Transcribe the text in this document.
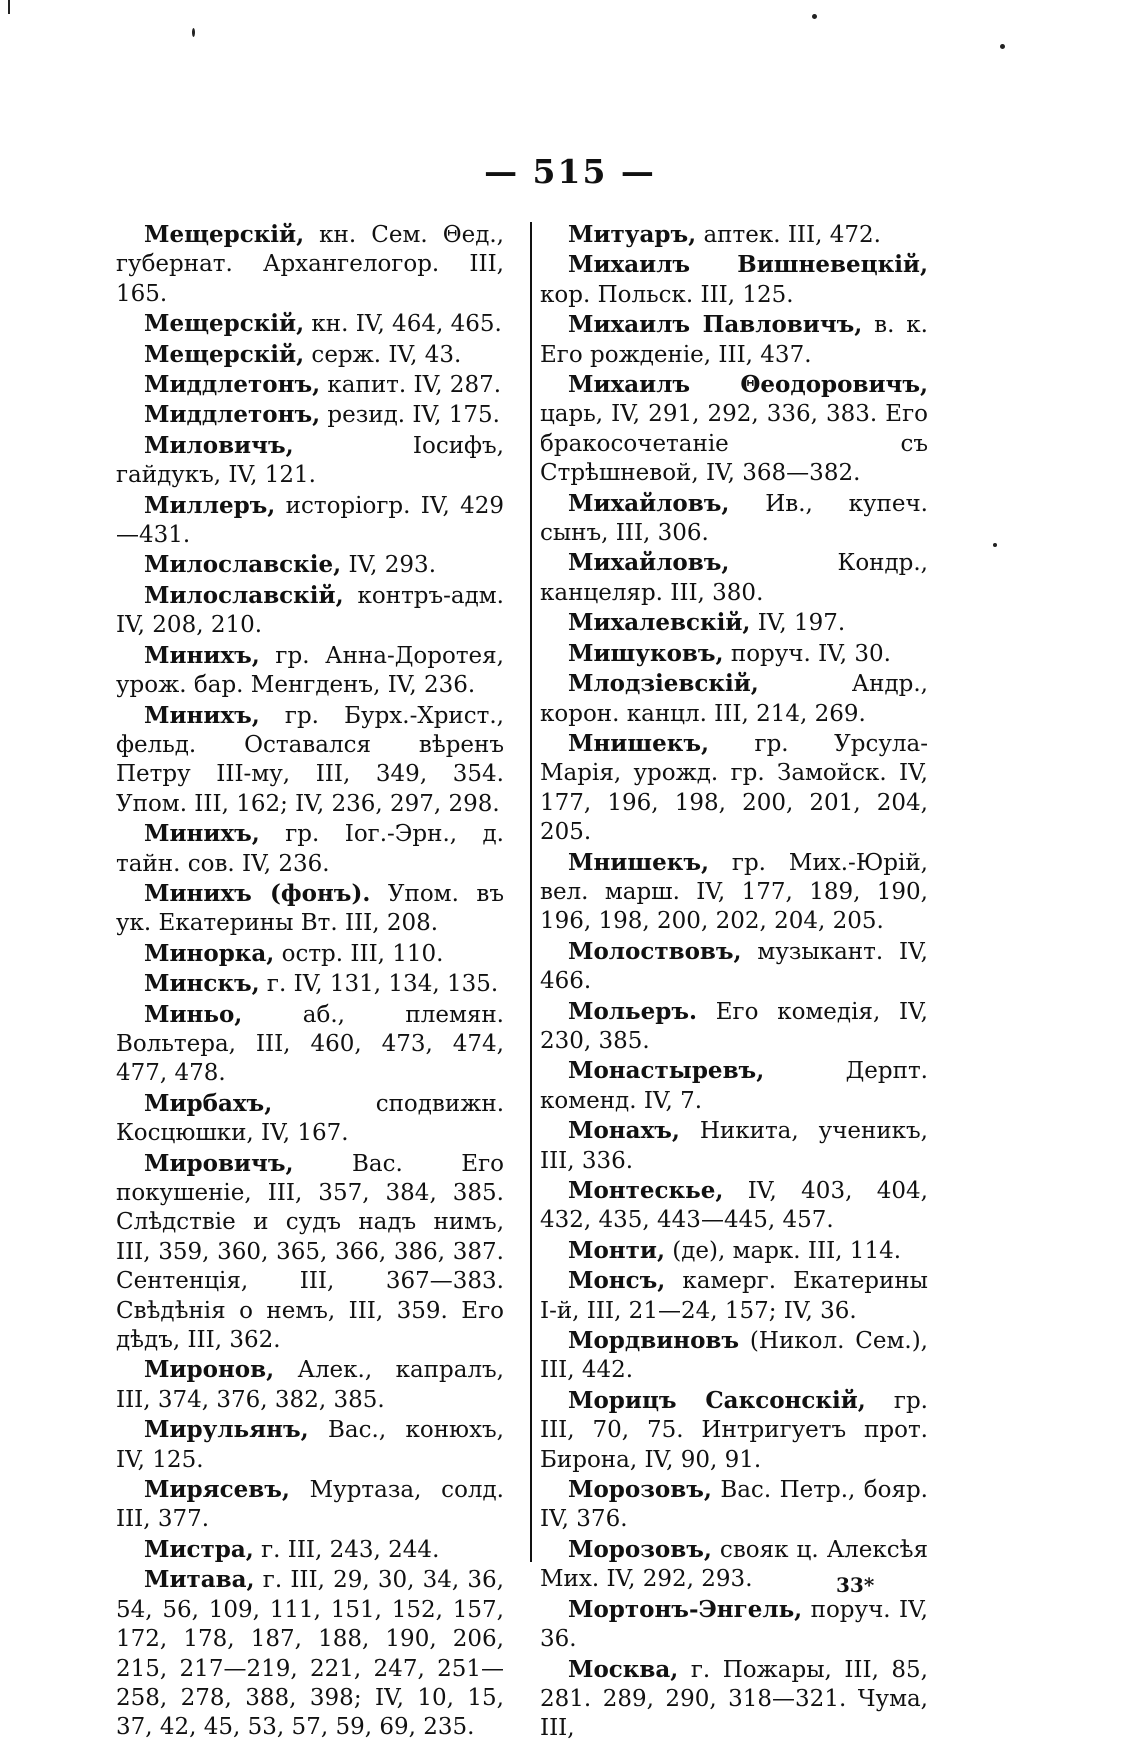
— 515 —

Мещерскій, кн. Сем. Θед., губернат. Архангелогор. III, 165.

Мещерскій, кн. IV, 464, 465.

Мещерскій, серж. IV, 43.

Миддлетонъ, капит. IV, 287.

Миддлетонъ, резид. IV, 175.

Миловичъ, Іосифъ, гайдукъ, IV, 121.

Миллеръ, исторіогр. IV, 429—431.

Милославскіе, IV, 293.

Милославскій, контръ-адм. IV, 208, 210.

Минихъ, гр. Анна-Доротея, урож. бар. Менгденъ, IV, 236.

Минихъ, гр. Бурх.-Христ., фельд. Оставался вѣренъ Петру III-му, III, 349, 354. Упом. III, 162; IV, 236, 297, 298.

Минихъ, гр. Іог.-Эрн., д. тайн. сов. IV, 236.

Минихъ (фонъ). Упом. въ ук. Екатерины Вт. III, 208.

Минорка, остр. III, 110.

Минскъ, г. IV, 131, 134, 135.

Миньо, аб., племян. Вольтера, III, 460, 473, 474, 477, 478.

Мирбахъ, сподвижн. Косцюшки, IV, 167.

Мировичъ, Вас. Его покушеніе, III, 357, 384, 385. Слѣдствіе и судъ надъ нимъ, III, 359, 360, 365, 366, 386, 387. Сентенція, III, 367—383. Свѣдѣнія о немъ, III, 359. Его дѣдъ, III, 362.

Миронов, Алек., капралъ, III, 374, 376, 382, 385.

Мирульянъ, Вас., конюхъ, IV, 125.

Мирясевъ, Муртаза, солд. III, 377.

Мистра, г. III, 243, 244.

Митава, г. III, 29, 30, 34, 36, 54, 56, 109, 111, 151, 152, 157, 172, 178, 187, 188, 190, 206, 215, 217—219, 221, 247, 251—258, 278, 388, 398; IV, 10, 15, 37, 42, 45, 53, 57, 59, 69, 235.

Митуаръ, аптек. III, 472.

Михаилъ Вишневецкій, кор. Польск. III, 125.

Михаилъ Павловичъ, в. к. Его рожденіе, III, 437.

Михаилъ Θеодоровичъ, царь, IV, 291, 292, 336, 383. Его бракосочетаніе съ Стрѣшневой, IV, 368—382.

Михайловъ, Ив., купеч. сынъ, III, 306.

Михайловъ, Кондр., канцеляр. III, 380.

Михалевскій, IV, 197.

Мишуковъ, поруч. IV, 30.

Млодзіевскій, Андр., корон. канцл. III, 214, 269.

Мнишекъ, гр. Урсула-Марія, урожд. гр. Замойск. IV, 177, 196, 198, 200, 201, 204, 205.

Мнишекъ, гр. Мих.-Юрій, вел. марш. IV, 177, 189, 190, 196, 198, 200, 202, 204, 205.

Молоствовъ, музыкант. IV, 466.

Мольеръ. Его комедія, IV, 230, 385.

Монастыревъ, Дерпт. коменд. IV, 7.

Монахъ, Никита, ученикъ, III, 336.

Монтескье, IV, 403, 404, 432, 435, 443—445, 457.

Монти, (де), марк. III, 114.

Монсъ, камерг. Екатерины I-й, III, 21—24, 157; IV, 36.

Мордвиновъ (Никол. Сем.), III, 442.

Морицъ Саксонскій, гр. III, 70, 75. Интригуетъ прот. Бирона, IV, 90, 91.

Морозовъ, Вас. Петр., бояр. IV, 376.

Морозовъ, свояк ц. Алексѣя Мих. IV, 292, 293.

Мортонъ-Энгель, поруч. IV, 36.

Москва, г. Пожары, III, 85, 281. 289, 290, 318—321. Чума, III,

33*
